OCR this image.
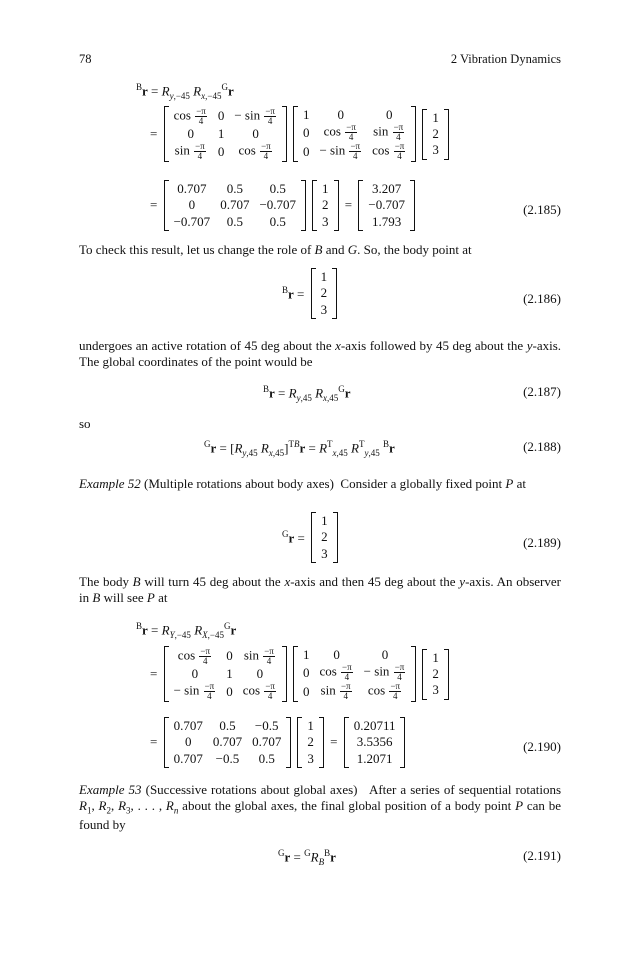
78	2 Vibration Dynamics
$^Br = R_{y,-45}$ $R_{x,-45}^Gr$
=
$\cos \frac{-\pi}{4}$	0	− $\sin \frac{-\pi}{4}$

0	1	0
$\sin \frac{-\pi}{4}$	0	$\cos \frac{-\pi}{4}$
1	0	0
0	$\cos \frac{-\pi}{4}$	$\sin \frac{-\pi}{4}$

0	− $\sin \frac{-\pi}{4}$	$\cos \frac{-\pi}{4}$
1
2
3
=
0.707	0.5	0.5
0	0.707	−0.707
−0.707	0.5	0.5
1
2
3
=
3.207
−0.707
1.793
(2.185)
To check this result, let us change the role of B and G. So, the body point at
$^B$r =
1
2
3
(2.186)
undergoes an active rotation of 45 deg about the x-axis followed by 45 deg about the y-axis. The global coordinates of the point would be
$^Br = R_{y,45}$ $R_{x,45}^Gr$	(2.187)
so
$^Gr = [R_{y,45}$ $R_{x,45}]^{TB}r = R^T_{x,45}$ $R^T_{y,45}$ $^B$r	(2.188)
Example 52 (Multiple rotations about body axes)  Consider a globally fixed point P at
$^G$r =
1
2
3
(2.189)
The body B will turn 45 deg about the x-axis and then 45 deg about the y-axis. An observer in B will see P at
$^Br = R_{Y,-45}$ $R_{X,-45}^Gr$
=
$\cos \frac{-\pi}{4}$	0	$\sin \frac{-\pi}{4}$

0	1	0
− $\sin \frac{-\pi}{4}$	0	$\cos \frac{-\pi}{4}$
1	0	0
0	$\cos \frac{-\pi}{4}$	− $\sin \frac{-\pi}{4}$

0	$\sin \frac{-\pi}{4}$	$\cos \frac{-\pi}{4}$
1
2
3
=
0.707	0.5	−0.5
0	0.707	0.707
0.707	−0.5	0.5
1
2
3
=
0.20711
3.5356
1.2071
(2.190)
Example 53 (Successive rotations about global axes)   After a series of sequential rotations $R_1$, $R_2$, $R_3$, . . . , $R_n$ about the global axes, the final global position of a body point P can be found by
$^Gr = ^GR_B^Br$	(2.191)
